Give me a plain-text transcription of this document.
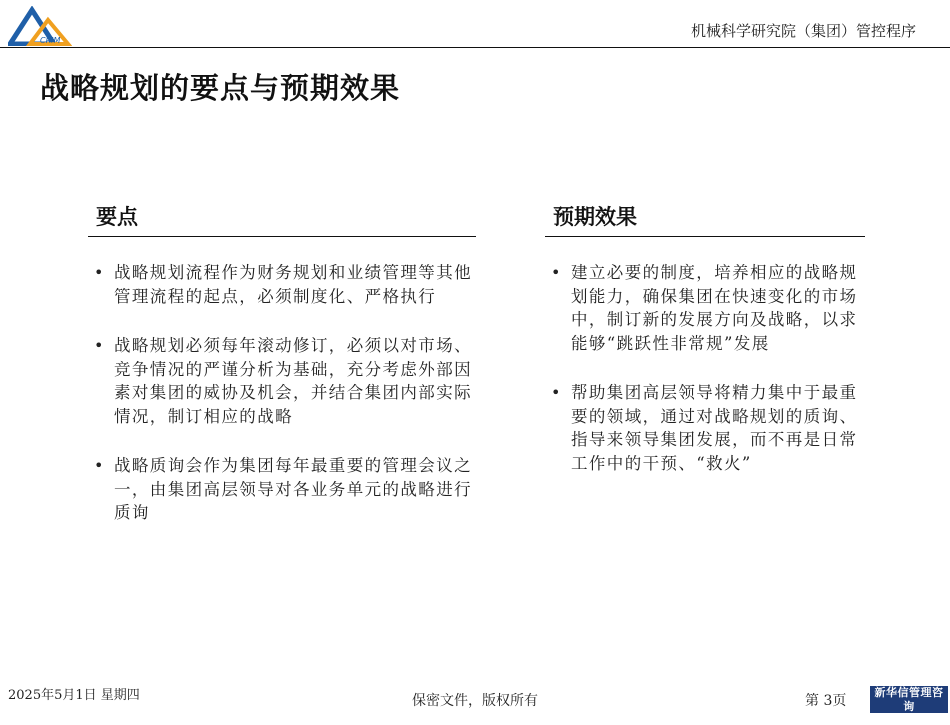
CRIM
机械科学研究院（集团）管控程序
战略规划的要点与预期效果
要点
• 战略规划流程作为财务规划和业绩管理等其他管理流程的起点，必须制度化、严格执行
• 战略规划必须每年滚动修订，必须以对市场、竞争情况的严谨分析为基础，充分考虑外部因素对集团的威协及机会，并结合集团内部实际情况，制订相应的战略
• 战略质询会作为集团每年最重要的管理会议之一，由集团高层领导对各业务单元的战略进行质询
预期效果
• 建立必要的制度，培养相应的战略规划能力，确保集团在快速变化的市场中，制订新的发展方向及战略，以求能够“跳跃性非常规”发展
• 帮助集团高层领导将精力集中于最重要的领域，通过对战略规划的质询、指导来领导集团发展，而不再是日常工作中的干预、“救火”
2025年5月1日 星期四	保密文件，版权所有	第 3页
新华信管理咨询
SINOTRUST
